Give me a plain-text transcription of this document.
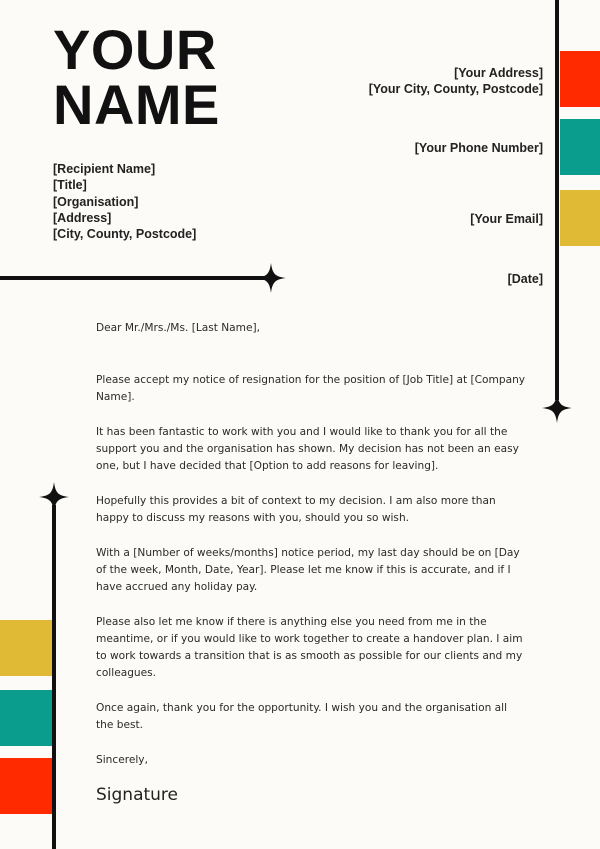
YOUR
NAME	[Your Address]
[Your City, County, Postcode]
[Your Phone Number]
[Your Email]
[Date]
[Recipient Name]
[Title]
[Organisation]
[Address]
[City, County, Postcode]

Dear Mr./Mrs./Ms. [Last Name],

Please accept my notice of resignation for the position of [Job Title] at [Company Name].

It has been fantastic to work with you and I would like to thank you for all the support you and the organisation has shown. My decision has not been an easy one, but I have decided that [Option to add reasons for leaving].

Hopefully this provides a bit of context to my decision. I am also more than happy to discuss my reasons with you, should you so wish.

With a [Number of weeks/months] notice period, my last day should be on [Day of the week, Month, Date, Year]. Please let me know if this is accurate, and if I have accrued any holiday pay.

Please also let me know if there is anything else you need from me in the meantime, or if you would like to work together to create a handover plan. I aim to work towards a transition that is as smooth as possible for our clients and my colleagues.

Once again, thank you for the opportunity. I wish you and the organisation all the best.

Sincerely,

Signature
